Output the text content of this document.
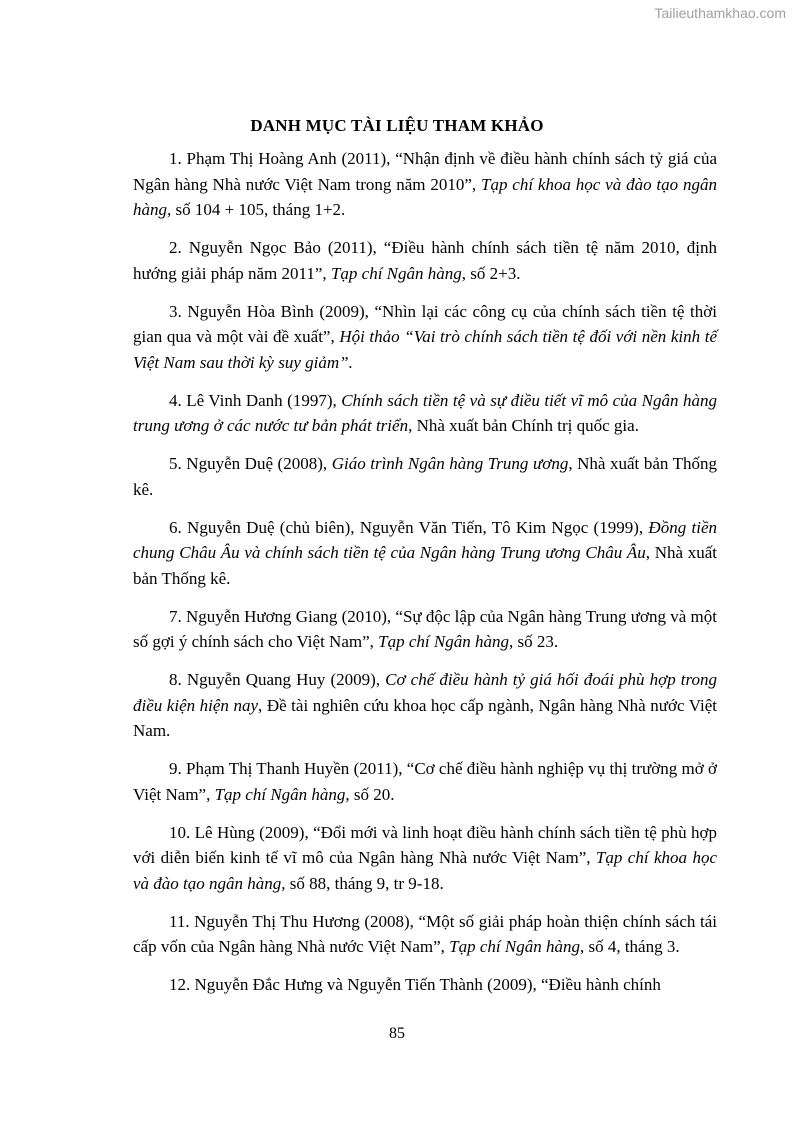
Tailieuthamkhao.com
DANH MỤC TÀI LIỆU THAM KHẢO

1. Phạm Thị Hoàng Anh (2011), “Nhận định về điều hành chính sách tỷ giá của Ngân hàng Nhà nước Việt Nam trong năm 2010”, Tạp chí khoa học và đào tạo ngân hàng, số 104 + 105, tháng 1+2.

2. Nguyễn Ngọc Bảo (2011), “Điều hành chính sách tiền tệ năm 2010, định hướng giải pháp năm 2011”, Tạp chí Ngân hàng, số 2+3.

3. Nguyễn Hòa Bình (2009), “Nhìn lại các công cụ của chính sách tiền tệ thời gian qua và một vài đề xuất”, Hội thảo “Vai trò chính sách tiền tệ đối với nền kinh tế Việt Nam sau thời kỳ suy giảm”.

4. Lê Vinh Danh (1997), Chính sách tiền tệ và sự điều tiết vĩ mô của Ngân hàng trung ương ở các nước tư bản phát triển, Nhà xuất bản Chính trị quốc gia.

5. Nguyễn Duệ (2008), Giáo trình Ngân hàng Trung ương, Nhà xuất bản Thống kê.

6. Nguyễn Duệ (chủ biên), Nguyễn Văn Tiến, Tô Kim Ngọc (1999), Đồng tiền chung Châu Âu và chính sách tiền tệ của Ngân hàng Trung ương Châu Âu, Nhà xuất bản Thống kê.

7. Nguyễn Hương Giang (2010), “Sự độc lập của Ngân hàng Trung ương và một số gợi ý chính sách cho Việt Nam”, Tạp chí Ngân hàng, số 23.

8. Nguyễn Quang Huy (2009), Cơ chế điều hành tỷ giá hối đoái phù hợp trong điều kiện hiện nay, Đề tài nghiên cứu khoa học cấp ngành, Ngân hàng Nhà nước Việt Nam.

9. Phạm Thị Thanh Huyền (2011), “Cơ chế điều hành nghiệp vụ thị trường mở ở Việt Nam”, Tạp chí Ngân hàng, số 20.

10. Lê Hùng (2009), “Đổi mới và linh hoạt điều hành chính sách tiền tệ phù hợp với diễn biến kinh tế vĩ mô của Ngân hàng Nhà nước Việt Nam”, Tạp chí khoa học và đào tạo ngân hàng, số 88, tháng 9, tr 9-18.

11. Nguyễn Thị Thu Hương (2008), “Một số giải pháp hoàn thiện chính sách tái cấp vốn của Ngân hàng Nhà nước Việt Nam”, Tạp chí Ngân hàng, số 4, tháng 3.

12. Nguyễn Đắc Hưng và Nguyễn Tiến Thành (2009), “Điều hành chính

85
